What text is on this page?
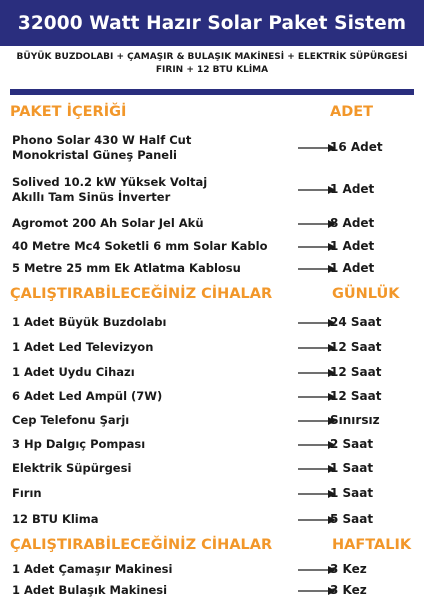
32000 Watt Hazır Solar Paket Sistem
BÜYÜK BUZDOLABI + ÇAMAŞIR & BULAŞIK MAKİNESİ + ELEKTRİK SÜPÜRGESİ
FIRIN + 12 BTU KLİMA
PAKET İÇERİĞİ	ADET
Phono Solar 430 W Half Cut
Monokristal Güneş Paneli
16 Adet
Solived 10.2 kW Yüksek Voltaj
Akıllı Tam Sinüs İnverter
1 Adet
Agromot 200 Ah Solar Jel Akü	8 Adet
40 Metre Mc4 Soketli 6 mm Solar Kablo	1 Adet
5 Metre 25 mm Ek Atlatma Kablosu	1 Adet
ÇALIŞTIRABİLECEĞİNİZ CİHALAR	GÜNLÜK
1 Adet Büyük Buzdolabı	24 Saat
1 Adet Led Televizyon	12 Saat
1 Adet Uydu Cihazı	12 Saat
6 Adet Led Ampül (7W)	12 Saat
Cep Telefonu Şarjı	Sınırsız
3 Hp Dalgıç Pompası	2 Saat
Elektrik Süpürgesi	1 Saat
Fırın	1 Saat
12 BTU Klima	5 Saat
ÇALIŞTIRABİLECEĞİNİZ CİHALAR	HAFTALIK
1 Adet Çamaşır Makinesi	3 Kez
1 Adet Bulaşık Makinesi	3 Kez
